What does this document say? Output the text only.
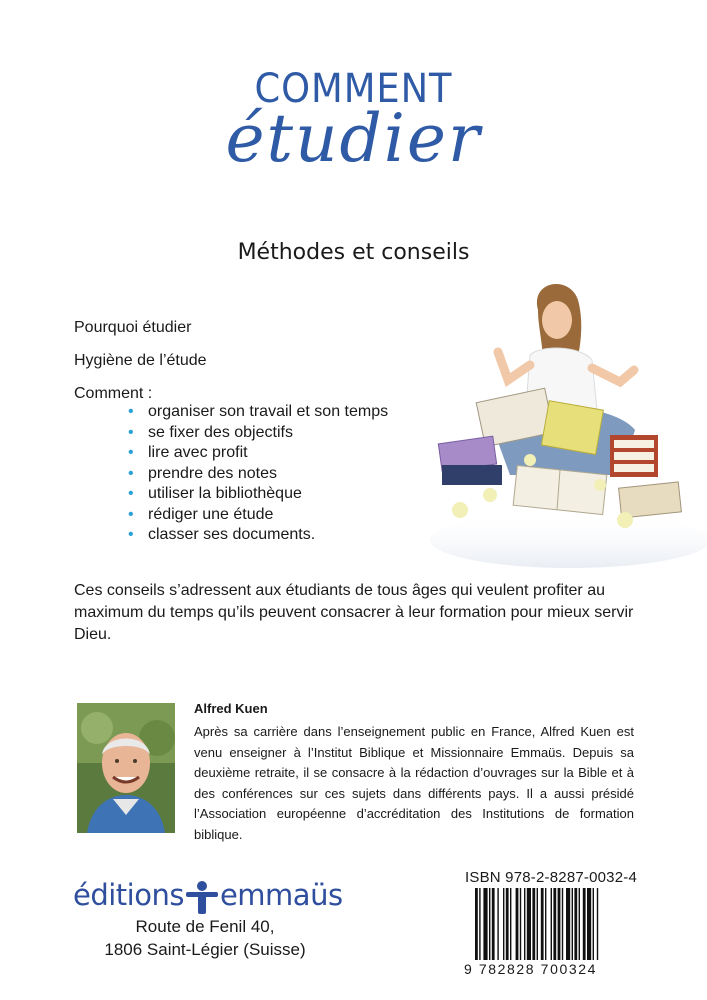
COMMENT
étudier
Méthodes et conseils
Pourquoi étudier
Hygiène de l’étude
Comment :
• organiser son travail et son temps
• se fixer des objectifs
• lire avec profit
• prendre des notes
• utiliser la bibliothèque
• rédiger une étude
• classer ses documents.
Ces conseils s’adressent aux étudiants de tous âges qui veulent profiter au maximum du temps qu’ils peuvent consacrer à leur formation pour mieux servir Dieu.
Alfred Kuen
Après sa carrière dans l’enseignement public en France, Alfred Kuen est venu enseigner à l’Institut Biblique et Missionnaire Emmaüs. Depuis sa deuxième retraite, il se consacre à la rédaction d’ouvrages sur la Bible et à des conférences sur ces sujets dans différents pays. Il a aussi présidé l’Association européenne d’accréditation des Institutions de formation biblique.
éditions emmaüs
Route de Fenil 40,
1806 Saint-Légier (Suisse)
ISBN 978-2-8287-0032-4
9 782828 700324
